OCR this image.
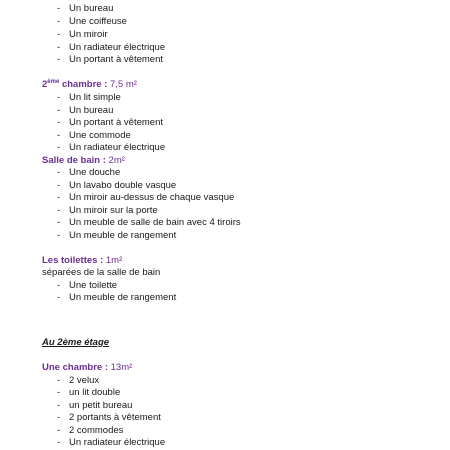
- Un bureau
- Une coiffeuse
- Un miroir
- Un radiateur électrique
- Un portant à vêtement
2ème chambre : 7,5 m²
- Un lit simple
- Un bureau
- Un portant à vêtement
- Une commode
- Un radiateur électrique
Salle de bain : 2m²
- Une douche
- Un lavabo double vasque
- Un miroir au-dessus de chaque vasque
- Un miroir sur la porte
- Un meuble de salle de bain avec 4 tiroirs
- Un meuble de rangement
Les toilettes : 1m²
séparées de la salle de bain
- Une toilette
- Un meuble de rangement
Au 2ème étage
Une chambre : 13m²
- 2 velux
- un lit double
- un petit bureau
- 2 portants à vêtement
- 2 commodes
- Un radiateur électrique
